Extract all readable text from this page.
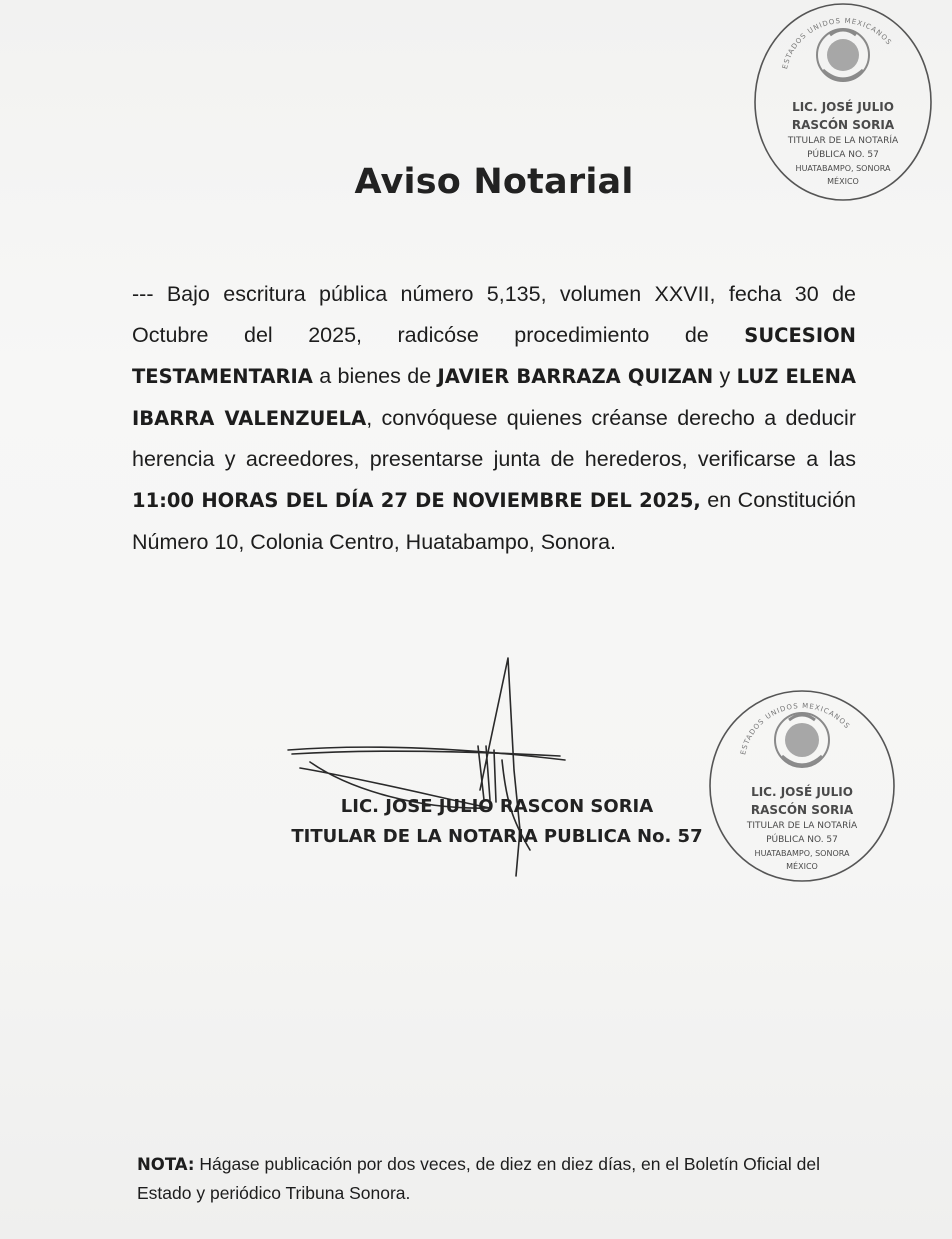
ESTADOS UNIDOS MEXICANOS
LIC. JOSÉ JULIO
RASCÓN SORIA
TITULAR DE LA NOTARÍA
PÚBLICA NO. 57
HUATABAMPO, SONORA
MÉXICO
Aviso Notarial
--- Bajo escritura pública número 5,135, volumen XXVII, fecha 30 de Octubre del 2025, radicóse procedimiento de SUCESION TESTAMENTARIA a bienes de JAVIER BARRAZA QUIZAN y LUZ ELENA IBARRA VALENZUELA, convóquese quienes créanse derecho a deducir herencia y acreedores, presentarse junta de herederos, verificarse a las 11:00 HORAS DEL DÍA 27 DE NOVIEMBRE DEL 2025, en Constitución Número 10, Colonia Centro, Huatabampo, Sonora.
LIC. JOSE JULIO RASCON SORIA
TITULAR DE LA NOTARIA PUBLICA No. 57
ESTADOS UNIDOS MEXICANOS
LIC. JOSÉ JULIO
RASCÓN SORIA
TITULAR DE LA NOTARÍA
PÚBLICA NO. 57
HUATABAMPO, SONORA
MÉXICO
NOTA: Hágase publicación por dos veces, de diez en diez días, en el Boletín Oficial del Estado y periódico Tribuna Sonora.
